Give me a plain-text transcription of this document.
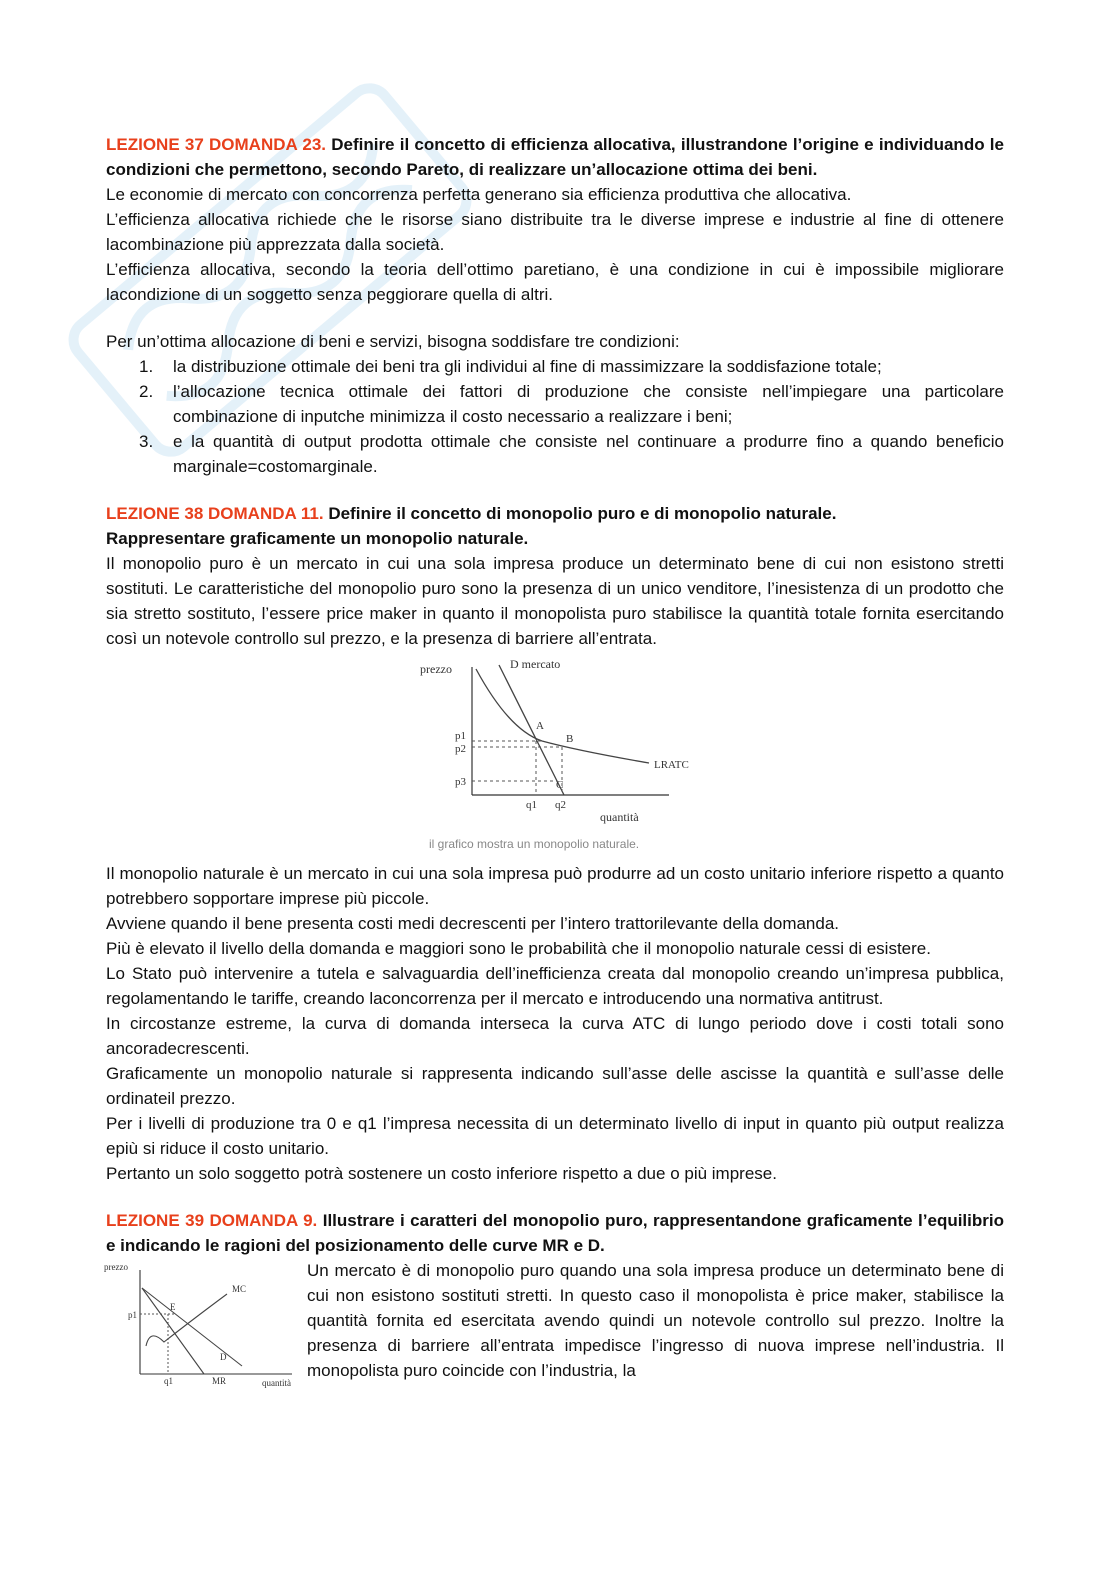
LEZIONE 37 DOMANDA 23. Definire il concetto di efficienza allocativa, illustrandone l’origine e individuando le condizioni che permettono, secondo Pareto, di realizzare un’allocazione ottima dei beni.

Le economie di mercato con concorrenza perfetta generano sia efficienza produttiva che allocativa.

L’efficienza allocativa richiede che le risorse siano distribuite tra le diverse imprese e industrie al fine di ottenere lacombinazione più apprezzata dalla società.

L’efficienza allocativa, secondo la teoria dell’ottimo paretiano, è una condizione in cui è impossibile migliorare lacondizione di un soggetto senza peggiorare quella di altri.

Per un’ottima allocazione di beni e servizi, bisogna soddisfare tre condizioni:

1. la distribuzione ottimale dei beni tra gli individui al fine di massimizzare la soddisfazione totale;
2. l’allocazione tecnica ottimale dei fattori di produzione che consiste nell’impiegare una particolare combinazione di inputche minimizza il costo necessario a realizzare i beni;
3. e la quantità di output prodotta ottimale che consiste nel continuare a produrre fino a quando beneficio marginale=costomarginale.

LEZIONE 38 DOMANDA 11. Definire il concetto di monopolio puro e di monopolio naturale.
Rappresentare graficamente un monopolio naturale.

Il monopolio puro è un mercato in cui una sola impresa produce un determinato bene di cui non esistono stretti sostituti. Le caratteristiche del monopolio puro sono la presenza di un unico venditore, l’inesistenza di un prodotto che sia stretto sostituto, l’essere price maker in quanto il monopolista puro stabilisce la quantità totale fornita esercitando così un notevole controllo sul prezzo, e la presenza di barriere all’entrata.

prezzo
quantità
LRATC
D mercato
p1
p2
p3
q1 q2
A
B
C
il grafico mostra un monopolio naturale.

Il monopolio naturale è un mercato in cui una sola impresa può produrre ad un costo unitario inferiore rispetto a quanto potrebbero sopportare imprese più piccole.

Avviene quando il bene presenta costi medi decrescenti per l’intero trattorilevante della domanda.

Più è elevato il livello della domanda e maggiori sono le probabilità che il monopolio naturale cessi di esistere.

Lo Stato può intervenire a tutela e salvaguardia dell’inefficienza creata dal monopolio creando un’impresa pubblica, regolamentando le tariffe, creando laconcorrenza per il mercato e introducendo una normativa antitrust.

In circostanze estreme, la curva di domanda interseca la curva ATC di lungo periodo dove i costi totali sono ancoradecrescenti.

Graficamente un monopolio naturale si rappresenta indicando sull’asse delle ascisse la quantità e sull’asse delle ordinateil prezzo.

Per i livelli di produzione tra 0 e q1 l’impresa necessita di un determinato livello di input in quanto più output realizza epiù si riduce il costo unitario.

Pertanto un solo soggetto potrà sostenere un costo inferiore rispetto a due o più imprese.

LEZIONE 39 DOMANDA 9. Illustrare i caratteri del monopolio puro, rappresentandone graficamente l’equilibrio e indicando le ragioni del posizionamento delle curve MR e D.

prezzo
quantità
D
MR
MC
p1
q1
E

Un mercato è di monopolio puro quando una sola impresa produce un determinato bene di cui non esistono sostituti stretti. In questo caso il monopolista è price maker, stabilisce la quantità fornita ed esercitata avendo quindi un notevole controllo sul prezzo. Inoltre la presenza di barriere all’entrata impedisce l’ingresso di nuova imprese nell’industria. Il monopolista puro coincide con l’industria, la
